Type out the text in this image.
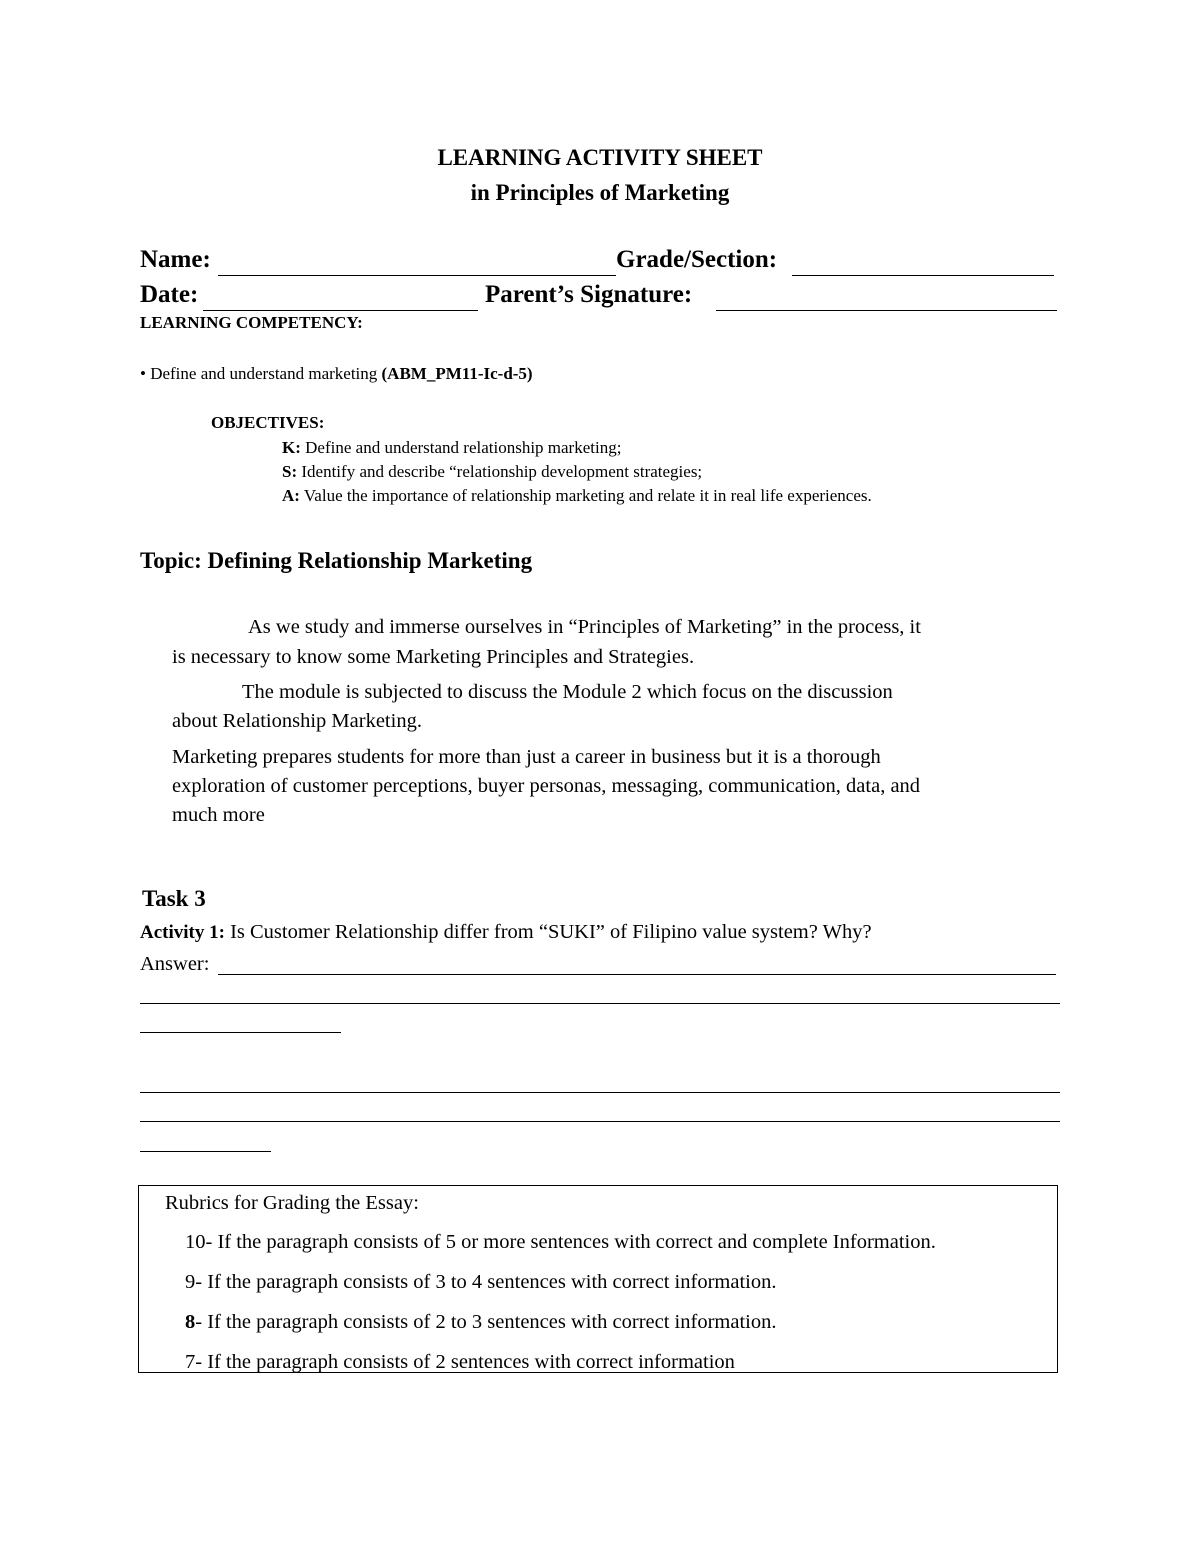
LEARNING ACTIVITY SHEET
in Principles of Marketing
Name:	Grade/Section:
Date:	Parent’s Signature:
LEARNING COMPETENCY:
• Define and understand marketing (ABM_PM11-Ic-d-5)
OBJECTIVES:
K: Define and understand relationship marketing;
S: Identify and describe “relationship development strategies;
A: Value the importance of relationship marketing and relate it in real life experiences.
Topic: Defining Relationship Marketing
As we study and immerse ourselves in “Principles of Marketing” in the process, it
is necessary to know some Marketing Principles and Strategies.
The module is subjected to discuss the Module 2 which focus on the discussion
about Relationship Marketing.
Marketing prepares students for more than just a career in business but it is a thorough
exploration of customer perceptions, buyer personas, messaging, communication, data, and
much more
Task 3
Activity 1: Is Customer Relationship differ from “SUKI” of Filipino value system? Why?
Answer:
Rubrics for Grading the Essay:
10- If the paragraph consists of 5 or more sentences with correct and complete Information.
9- If the paragraph consists of 3 to 4 sentences with correct information.
8- If the paragraph consists of 2 to 3 sentences with correct information.
7- If the paragraph consists of 2 sentences with correct information
